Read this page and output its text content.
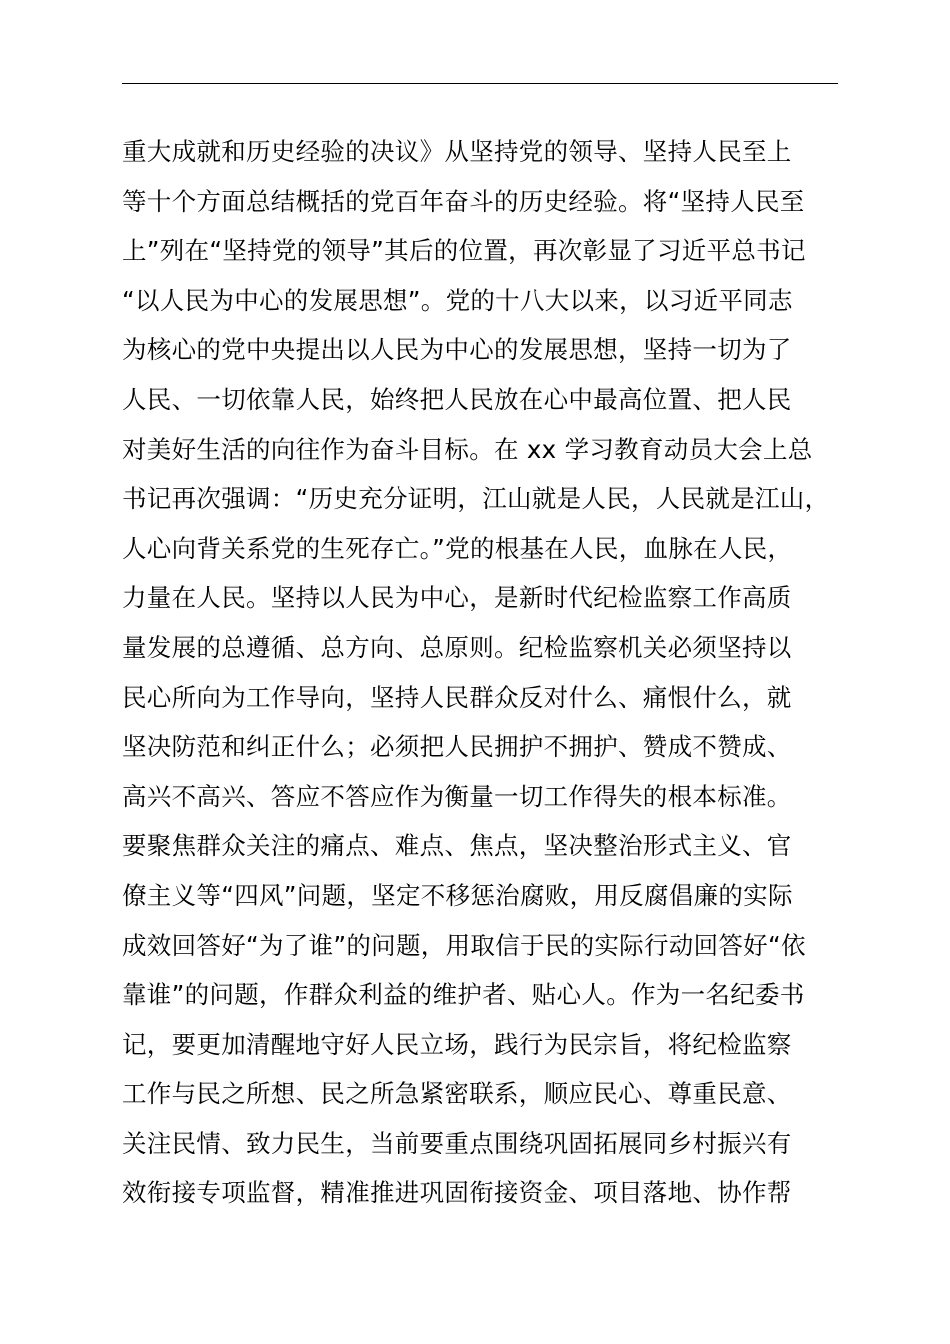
重大成就和历史经验的决议》从坚持党的领导、坚持人民至上
等十个方面总结概括的党百年奋斗的历史经验。将“坚持人民至
上”列在“坚持党的领导”其后的位置，再次彰显了习近平总书记
“以人民为中心的发展思想”。党的十八大以来，以习近平同志
为核心的党中央提出以人民为中心的发展思想，坚持一切为了
人民、一切依靠人民，始终把人民放在心中最高位置、把人民
对美好生活的向往作为奋斗目标。在 xx 学习教育动员大会上总
书记再次强调：“历史充分证明，江山就是人民，人民就是江山，
人心向背关系党的生死存亡。”党的根基在人民，血脉在人民，
力量在人民。坚持以人民为中心，是新时代纪检监察工作高质
量发展的总遵循、总方向、总原则。纪检监察机关必须坚持以
民心所向为工作导向，坚持人民群众反对什么、痛恨什么，就
坚决防范和纠正什么；必须把人民拥护不拥护、赞成不赞成、
高兴不高兴、答应不答应作为衡量一切工作得失的根本标准。
要聚焦群众关注的痛点、难点、焦点，坚决整治形式主义、官
僚主义等“四风”问题，坚定不移惩治腐败，用反腐倡廉的实际
成效回答好“为了谁”的问题，用取信于民的实际行动回答好“依
靠谁”的问题，作群众利益的维护者、贴心人。作为一名纪委书
记，要更加清醒地守好人民立场，践行为民宗旨，将纪检监察
工作与民之所想、民之所急紧密联系，顺应民心、尊重民意、
关注民情、致力民生，当前要重点围绕巩固拓展同乡村振兴有
效衔接专项监督，精准推进巩固衔接资金、项目落地、协作帮
